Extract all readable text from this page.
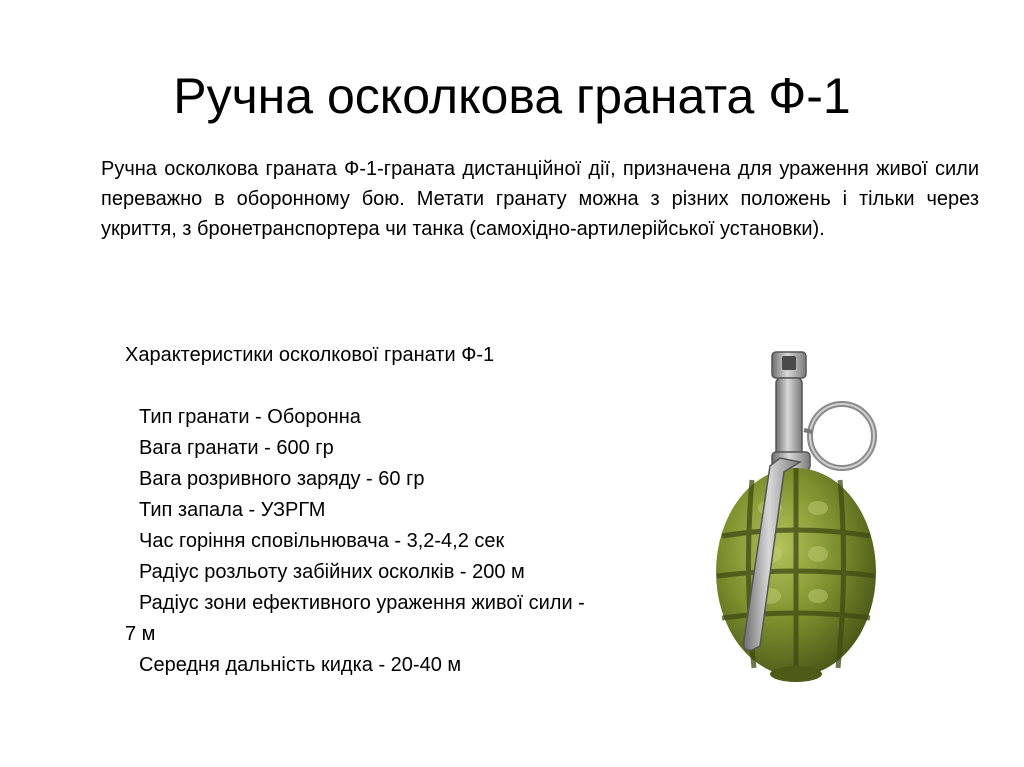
Ручна осколкова граната Ф-1

Ручна осколкова граната Ф-1-граната дистанційної дії, призначена для ураження живої сили переважно в оборонному бою. Метати гранату можна з різних положень і тільки через укриття, з бронетранспортера чи танка (самохідно-артилерійської установки).

Характеристики осколкової гранати Ф-1

Тип гранати - Оборонна
Вага гранати - 600 гр
Вага розривного заряду - 60 гр
Тип запала - УЗРГМ
Час горіння сповільнювача - 3,2-4,2 сек
Радіус розльоту забійних осколків - 200 м
Радіус зони ефективного ураження живої сили - 7 м
Середня дальність кидка - 20-40 м
